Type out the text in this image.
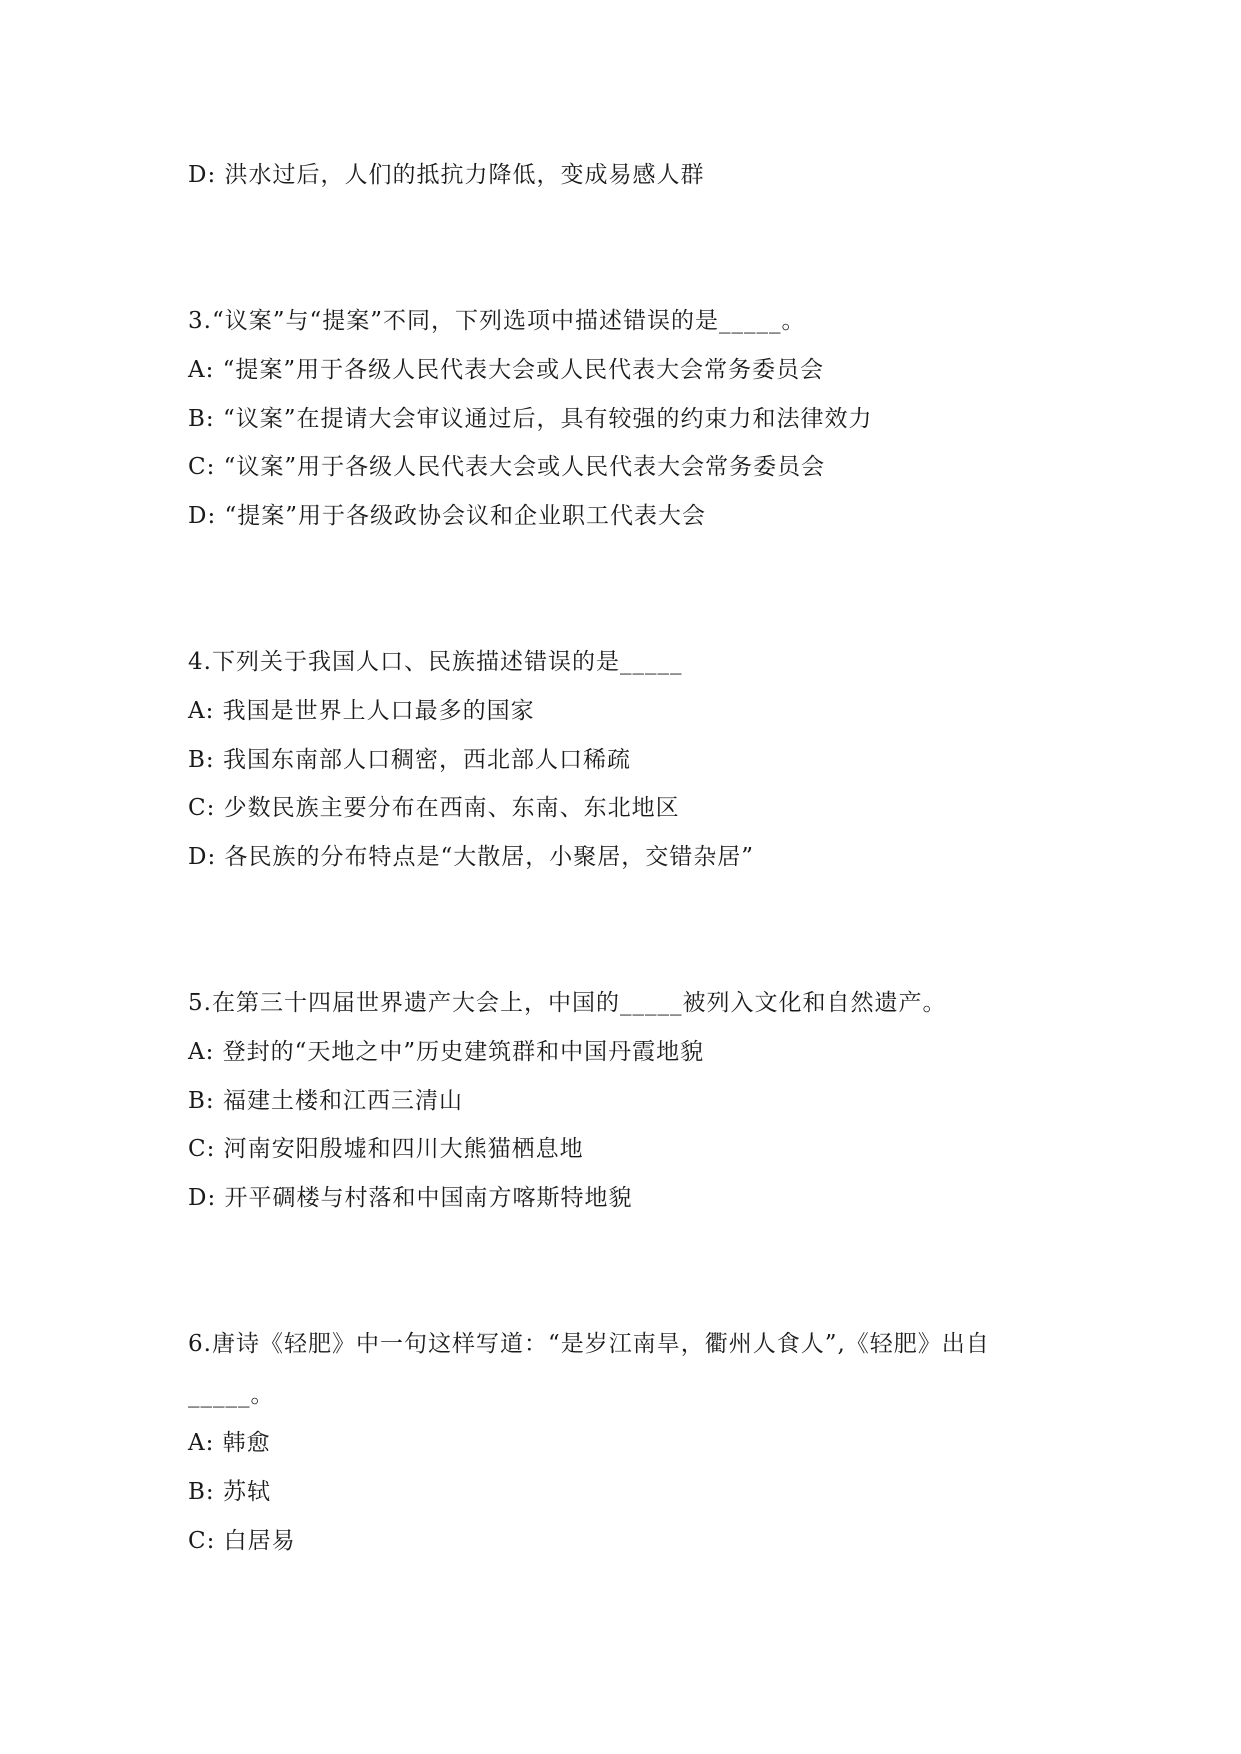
D: 洪水过后，人们的抵抗力降低，变成易感人群
3.“议案”与“提案”不同，下列选项中描述错误的是_____。
A: “提案”用于各级人民代表大会或人民代表大会常务委员会
B: “议案”在提请大会审议通过后，具有较强的约束力和法律效力
C: “议案”用于各级人民代表大会或人民代表大会常务委员会
D: “提案”用于各级政协会议和企业职工代表大会
4.下列关于我国人口、民族描述错误的是_____
A: 我国是世界上人口最多的国家
B: 我国东南部人口稠密，西北部人口稀疏
C: 少数民族主要分布在西南、东南、东北地区
D: 各民族的分布特点是“大散居，小聚居，交错杂居”
5.在第三十四届世界遗产大会上，中国的_____被列入文化和自然遗产。
A: 登封的“天地之中”历史建筑群和中国丹霞地貌
B: 福建土楼和江西三清山
C: 河南安阳殷墟和四川大熊猫栖息地
D: 开平碉楼与村落和中国南方喀斯特地貌
6.唐诗《轻肥》中一句这样写道：“是岁江南旱，衢州人食人”,《轻肥》出自
_____。
A: 韩愈
B: 苏轼
C: 白居易
